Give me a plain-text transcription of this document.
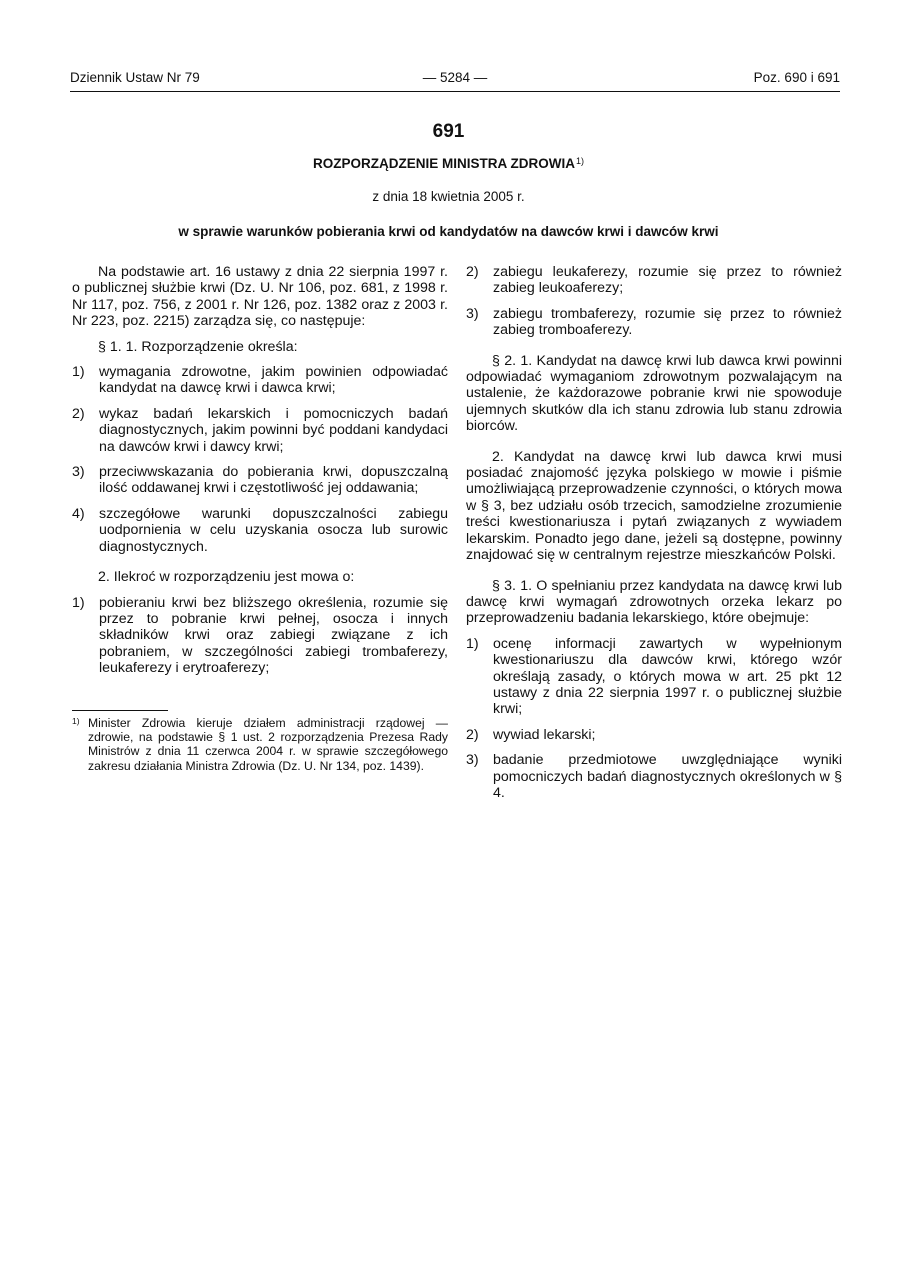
Dziennik Ustaw Nr 79	— 5284 —	Poz. 690 i 691
691
ROZPORZĄDZENIE MINISTRA ZDROWIA$^{1)}$
z dnia 18 kwietnia 2005 r.
w sprawie warunków pobierania krwi od kandydatów na dawców krwi i dawców krwi

Na podstawie art. 16 ustawy z dnia 22 sierpnia 1997 r. o publicznej służbie krwi (Dz. U. Nr 106, poz. 681, z 1998 r. Nr 117, poz. 756, z 2001 r. Nr 126, poz. 1382 oraz z 2003 r. Nr 223, poz. 2215) zarządza się, co następuje:

§ 1. 1. Rozporządzenie określa:

1)	wymagania zdrowotne, jakim powinien odpowiadać kandydat na dawcę krwi i dawca krwi;
2)	wykaz badań lekarskich i pomocniczych badań diagnostycznych, jakim powinni być poddani kandydaci na dawców krwi i dawcy krwi;
3)	przeciwwskazania do pobierania krwi, dopuszczalną ilość oddawanej krwi i częstotliwość jej oddawania;
4)	szczegółowe warunki dopuszczalności zabiegu uodpornienia w celu uzyskania osocza lub surowic diagnostycznych.

2. Ilekroć w rozporządzeniu jest mowa o:

1)	pobieraniu krwi bez bliższego określenia, rozumie się przez to pobranie krwi pełnej, osocza i innych składników krwi oraz zabiegi związane z ich pobraniem, w szczególności zabiegi trombaferezy, leukaferezy i erytroaferezy;
1) Minister Zdrowia kieruje działem administracji rządowej — zdrowie, na podstawie § 1 ust. 2 rozporządzenia Prezesa Rady Ministrów z dnia 11 czerwca 2004 r. w sprawie szczegółowego zakresu działania Ministra Zdrowia (Dz. U. Nr 134, poz. 1439).
2)	zabiegu leukaferezy, rozumie się przez to również zabieg leukoaferezy;
3)	zabiegu trombaferezy, rozumie się przez to również zabieg tromboaferezy.

§ 2. 1. Kandydat na dawcę krwi lub dawca krwi powinni odpowiadać wymaganiom zdrowotnym pozwalającym na ustalenie, że każdorazowe pobranie krwi nie spowoduje ujemnych skutków dla ich stanu zdrowia lub stanu zdrowia biorców.

2. Kandydat na dawcę krwi lub dawca krwi musi posiadać znajomość języka polskiego w mowie i piśmie umożliwiającą przeprowadzenie czynności, o których mowa w § 3, bez udziału osób trzecich, samodzielne zrozumienie treści kwestionariusza i pytań związanych z wywiadem lekarskim. Ponadto jego dane, jeżeli są dostępne, powinny znajdować się w centralnym rejestrze mieszkańców Polski.

§ 3. 1. O spełnianiu przez kandydata na dawcę krwi lub dawcę krwi wymagań zdrowotnych orzeka lekarz po przeprowadzeniu badania lekarskiego, które obejmuje:

1)	ocenę informacji zawartych w wypełnionym kwestionariuszu dla dawców krwi, którego wzór określają zasady, o których mowa w art. 25 pkt 12 ustawy z dnia 22 sierpnia 1997 r. o publicznej służbie krwi;
2)	wywiad lekarski;
3)	badanie przedmiotowe uwzględniające wyniki pomocniczych badań diagnostycznych określonych w § 4.
